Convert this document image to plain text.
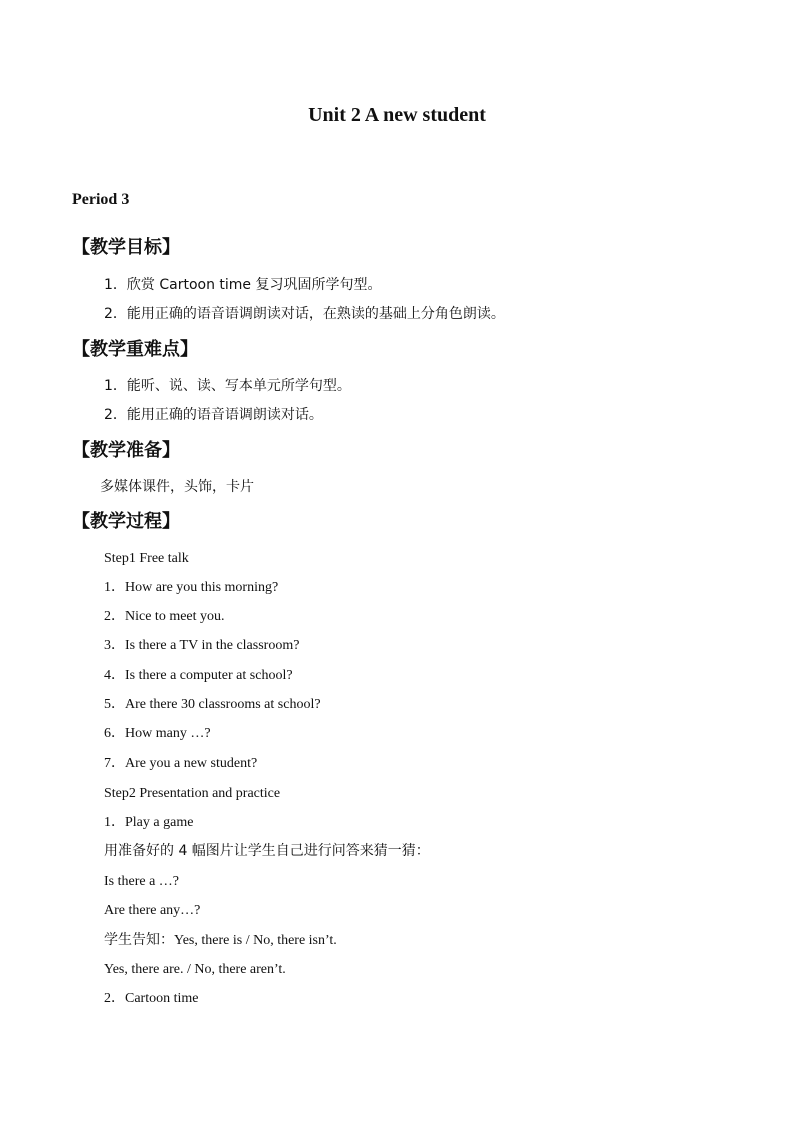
Unit 2 A new student
Period 3
【教学目标】
1．欣赏 Cartoon time 复习巩固所学句型。
2．能用正确的语音语调朗读对话，在熟读的基础上分角色朗读。
【教学重难点】
1．能听、说、读、写本单元所学句型。
2．能用正确的语音语调朗读对话。
【教学准备】
多媒体课件，头饰，卡片
【教学过程】
Step1 Free talk
1．How are you this morning?
2．Nice to meet you.
3．Is there a TV in the classroom?
4．Is there a computer at school?
5．Are there 30 classrooms at school?
6．How many …?
7．Are you a new student?
Step2 Presentation and practice
1．Play a game
用准备好的 4 幅图片让学生自己进行问答来猜一猜：
Is there a …?
Are there any…?
学生告知：Yes, there is / No, there isn’t.
Yes, there are. / No, there aren’t.
2．Cartoon time
